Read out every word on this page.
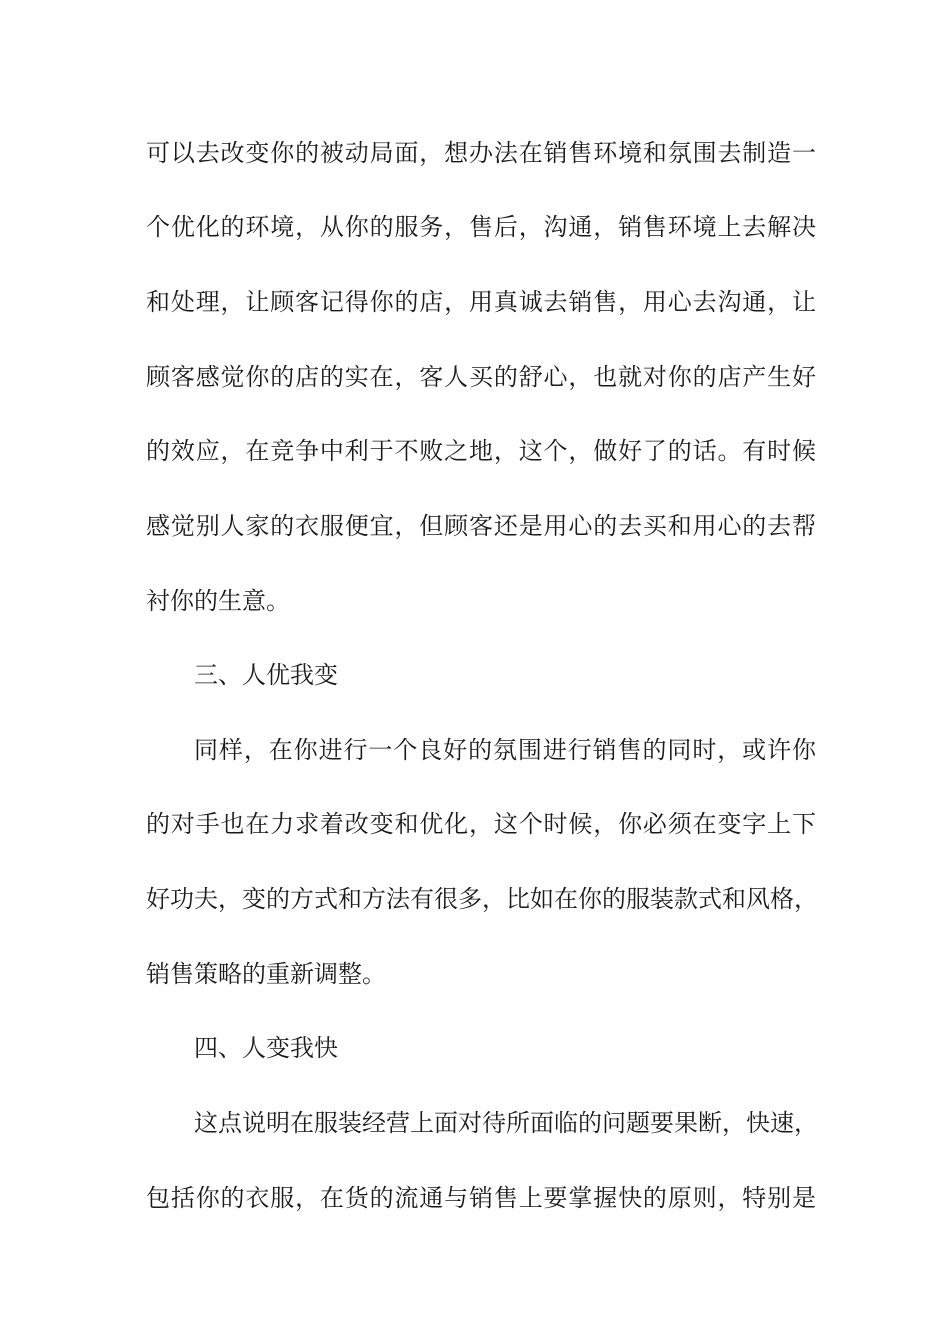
可以去改变你的被动局面，想办法在销售环境和氛围去制造一
个优化的环境，从你的服务，售后，沟通，销售环境上去解决
和处理，让顾客记得你的店，用真诚去销售，用心去沟通，让
顾客感觉你的店的实在，客人买的舒心，也就对你的店产生好
的效应，在竞争中利于不败之地，这个，做好了的话。有时候
感觉别人家的衣服便宜，但顾客还是用心的去买和用心的去帮
衬你的生意。
三、人优我变
同样，在你进行一个良好的氛围进行销售的同时，或许你
的对手也在力求着改变和优化，这个时候，你必须在变字上下
好功夫，变的方式和方法有很多，比如在你的服装款式和风格，
销售策略的重新调整。
四、人变我快
这点说明在服装经营上面对待所面临的问题要果断，快速，
包括你的衣服，在货的流通与销售上要掌握快的原则，特别是
